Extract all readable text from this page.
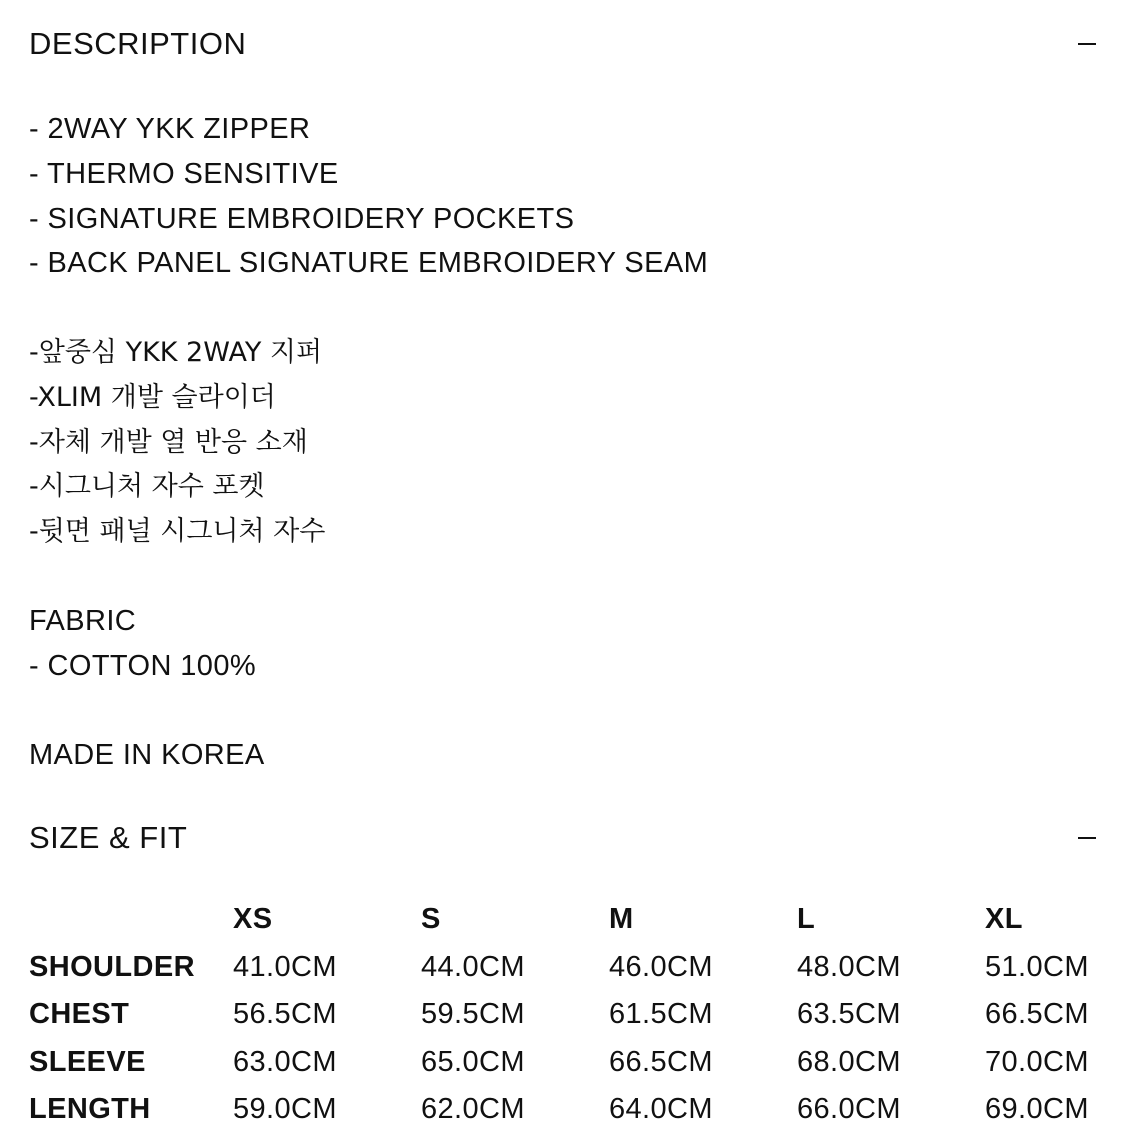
DESCRIPTION
- 2WAY YKK ZIPPER
- THERMO SENSITIVE
- SIGNATURE EMBROIDERY POCKETS
- BACK PANEL SIGNATURE EMBROIDERY SEAM
-앞중심 YKK 2WAY 지퍼
-XLIM 개발 슬라이더
-자체 개발 열 반응 소재
-시그니처 자수 포켓
-뒷면 패널 시그니처 자수
FABRIC
- COTTON 100%
MADE IN KOREA
SIZE & FIT
	XS	S	M	L	XL
SHOULDER	41.0CM	44.0CM	46.0CM	48.0CM	51.0CM
CHEST	56.5CM	59.5CM	61.5CM	63.5CM	66.5CM
SLEEVE	63.0CM	65.0CM	66.5CM	68.0CM	70.0CM
LENGTH	59.0CM	62.0CM	64.0CM	66.0CM	69.0CM
